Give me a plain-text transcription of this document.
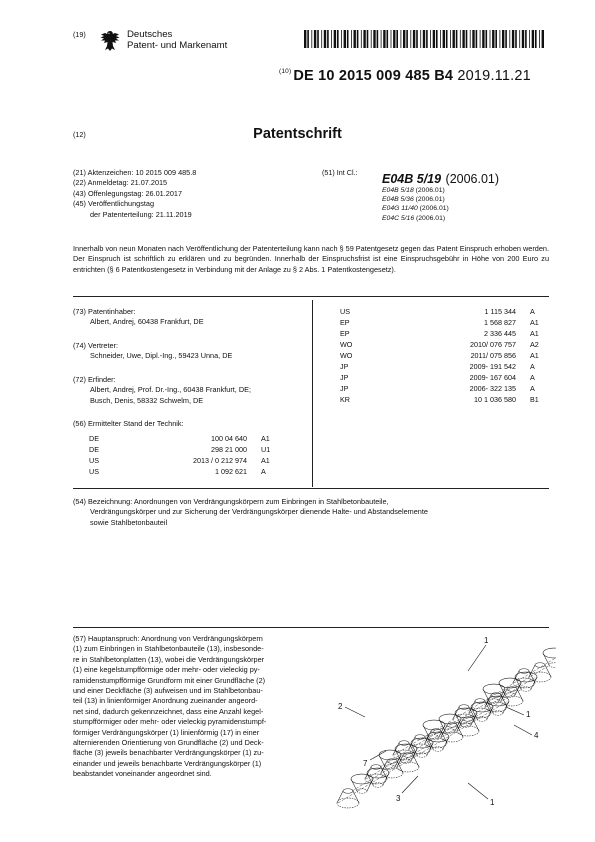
(19)	Deutsches
Patent- und Markenamt
$^{(10)}$ DE 10 2015 009 485 B4 2019.11.21
(12)	Patentschrift
(21) Aktenzeichen: 10 2015 009 485.8
(22) Anmeldetag: 21.07.2015
(43) Offenlegungstag: 26.01.2017
(45) Veröffentlichungstag
der Patenterteilung: 21.11.2019
(51) Int Cl.: E04B 5/19 (2006.01)
E04B 5/18 (2006.01)
E04B 5/36 (2006.01)
E04G 11/40 (2006.01)
E04C 5/16 (2006.01)
Innerhalb von neun Monaten nach Veröffentlichung der Patenterteilung kann nach § 59 Patentgesetz gegen das Patent Einspruch erhoben werden. Der Einspruch ist schriftlich zu erklären und zu begründen. Innerhalb der Einspruchsfrist ist eine Einspruchsgebühr in Höhe von 200 Euro zu entrichten (§ 6 Patentkostengesetz in Verbindung mit der Anlage zu § 2 Abs. 1 Patentkostengesetz).
(73) Patentinhaber:
Albert, Andrej, 60438 Frankfurt, DE
(74) Vertreter:
Schneider, Uwe, Dipl.-Ing., 59423 Unna, DE
(72) Erfinder:
Albert, Andrej, Prof. Dr.-Ing., 60438 Frankfurt, DE;
Busch, Denis, 58332 Schwelm, DE
(56) Ermittelter Stand der Technik:
DE	100 04 640	A1
DE	298 21 000	U1
US	2013 / 0 212 974	A1
US	1 092 621	A
US	1 115 344	A
EP	1 568 827	A1
EP	2 336 445	A1
WO	2010/ 076 757	A2
WO	2011/ 075 856	A1
JP	2009- 191 542	A
JP	2009- 167 604	A
JP	2006- 322 135	A
KR	10 1 036 580	B1
(54) Bezeichnung: Anordnungen von Verdrängungskörpern zum Einbringen in Stahlbetonbauteile,
Verdrängungskörper und zur Sicherung der Verdrängungskörper dienende Halte- und Abstandselemente
sowie Stahlbetonbauteil
(57) Hauptanspruch: Anordnung von Verdrängungskörpern
(1) zum Einbringen in Stahlbetonbauteile (13), insbesonde-
re in Stahlbetonplatten (13), wobei die Verdrängungskörper
(1) eine kegelstumpfförmige oder mehr- oder vieleckig py-
ramidenstumpfförmige Grundform mit einer Grundfläche (2)
und einer Deckfläche (3) aufweisen und im Stahlbetonbau-
teil (13) in linienförmiger Anordnung zueinander angeord-
net sind, dadurch gekennzeichnet, dass eine Anzahl kegel-
stumpfförmiger oder mehr- oder vieleckig pyramidenstumpf-
förmiger Verdrängungskörper (1) linienförmig (17) in einer
alternierenden Orientierung von Grundfläche (2) und Deck-
fläche (3) jeweils benachbarter Verdrängungskörper (1) zu-
einander und jeweils benachbarte Verdrängungskörper (1)
beabstandet voneinander angeordnet sind.
1
4
2
1
3
7
1
